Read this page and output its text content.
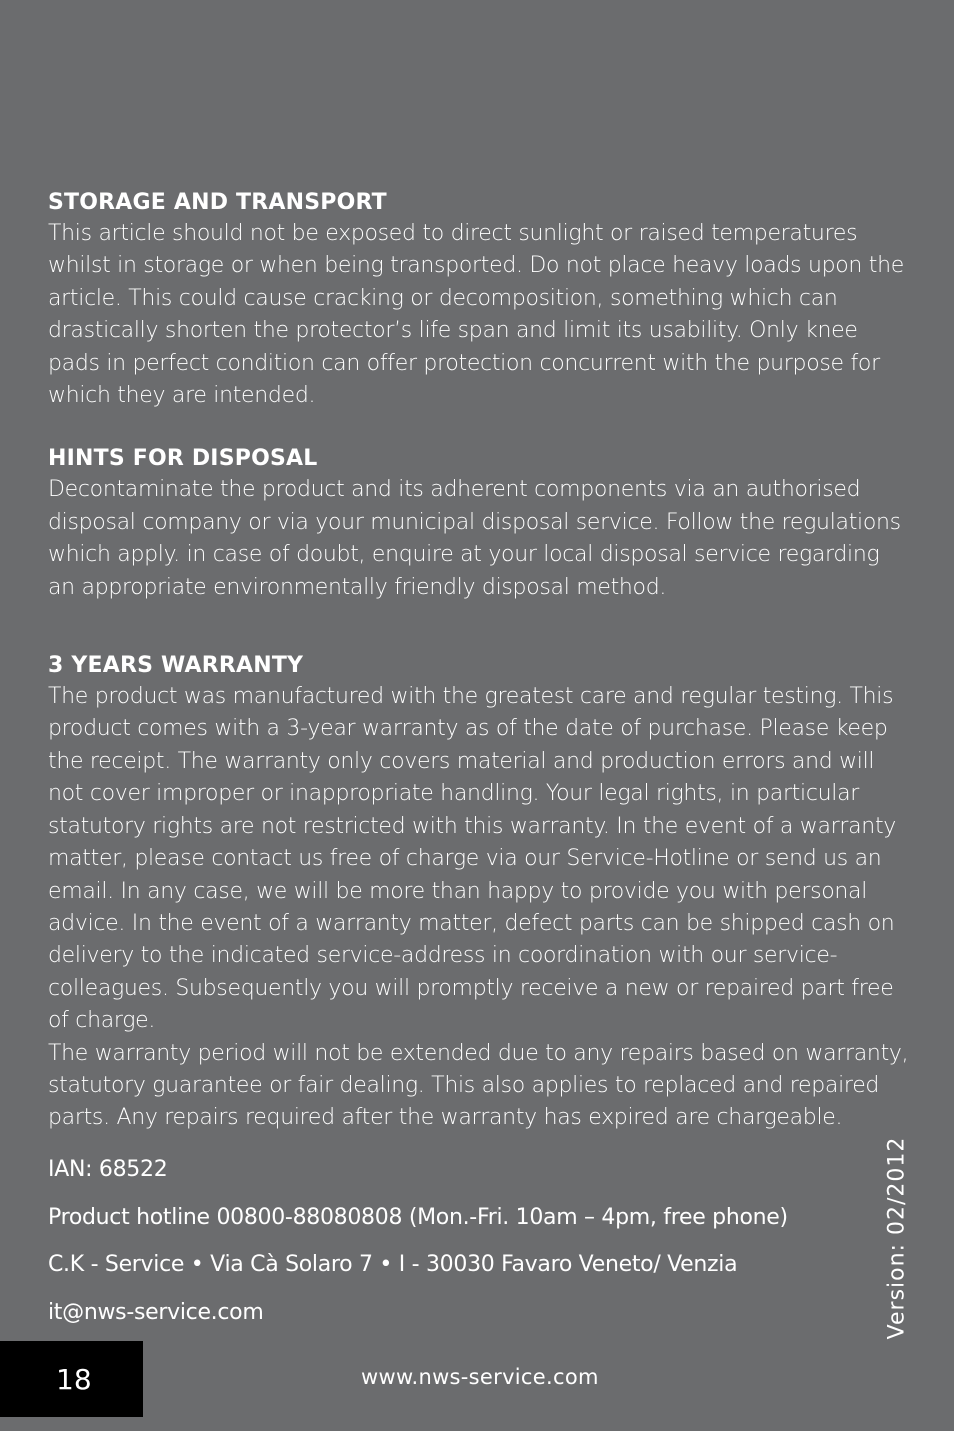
STORAGE AND TRANSPORT

This article should not be exposed to direct sunlight or raised temperatures whilst in storage or when being transported. Do not place heavy loads upon the article. This could cause cracking or decomposition, something which can drastically shorten the protector’s life span and limit its usability. Only knee pads in perfect condition can offer protection concurrent with the purpose for which they are intended.

HINTS FOR DISPOSAL

Decontaminate the product and its adherent components via an authorised disposal company or via your municipal disposal service. Follow the regulations which apply. in case of doubt, enquire at your local disposal service regarding an appropriate environmentally friendly disposal method.

3 YEARS WARRANTY

The product was manufactured with the greatest care and regular testing. This product comes with a 3-year warranty as of the date of purchase. Please keep the receipt. The warranty only covers material and production errors and will not cover improper or inappropriate handling. Your legal rights, in particular statutory rights are not restricted with this warranty. In the event of a warranty matter, please contact us free of charge via our Service-Hotline or send us an email. In any case, we will be more than happy to provide you with personal advice. In the event of a warranty matter, defect parts can be shipped cash on delivery to the indicated service-address in coordination with our service-colleagues. Subsequently you will promptly receive a new or repaired part free of charge.

The warranty period will not be extended due to any repairs based on warranty, statutory guarantee or fair dealing. This also applies to replaced and repaired parts. Any repairs required after the warranty has expired are chargeable.

IAN: 68522
Product hotline 00800-88080808 (Mon.-Fri. 10am – 4pm, free phone)
C.K - Service • Via Cà Solaro 7 • I - 30030 Favaro Veneto/ Venzia
it@nws-service.com	Version: 02/2012
18	www.nws-service.com
